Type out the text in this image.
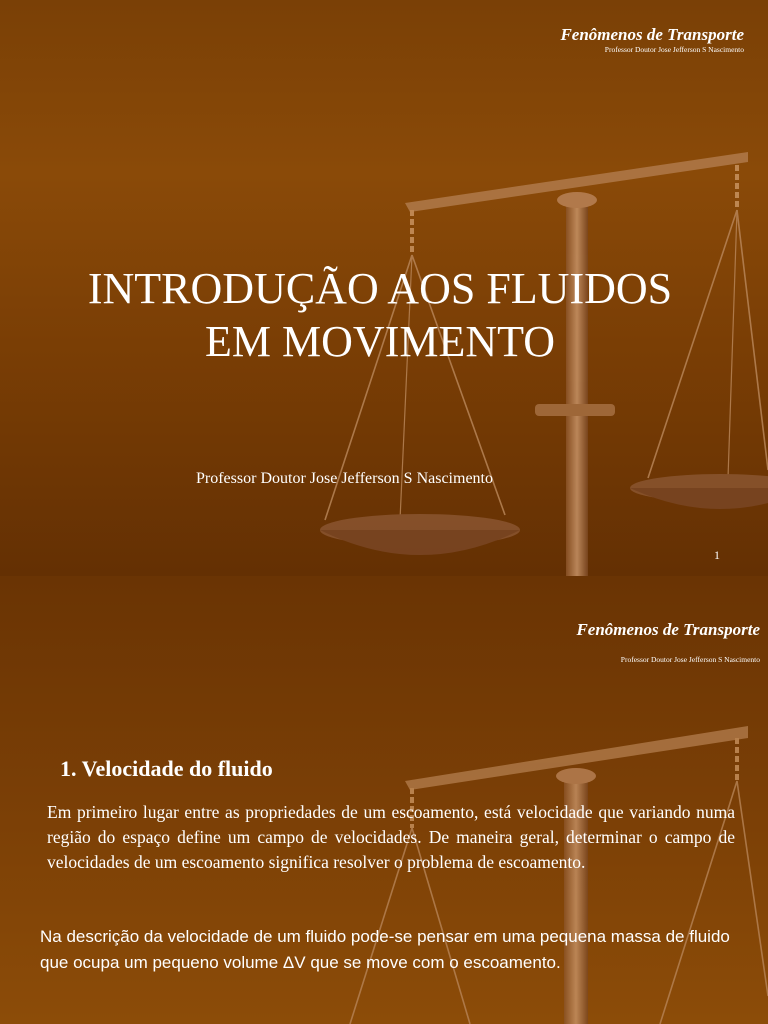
Fenômenos de Transporte
Professor Doutor Jose Jefferson S Nascimento
INTRODUÇÃO AOS FLUIDOS
EM MOVIMENTO
Professor Doutor Jose Jefferson S Nascimento
1
Fenômenos de Transporte
Professor Doutor Jose Jefferson S Nascimento
1. Velocidade do fluido
Em primeiro lugar entre as propriedades de um escoamento, está velocidade que variando numa região do espaço define um campo de velocidades. De maneira geral, determinar o campo de velocidades de um escoamento significa resolver o problema de escoamento.
Na descrição da velocidade de um fluido pode-se pensar em uma pequena massa de fluido que ocupa um pequeno volume ΔV que se move com o escoamento.
